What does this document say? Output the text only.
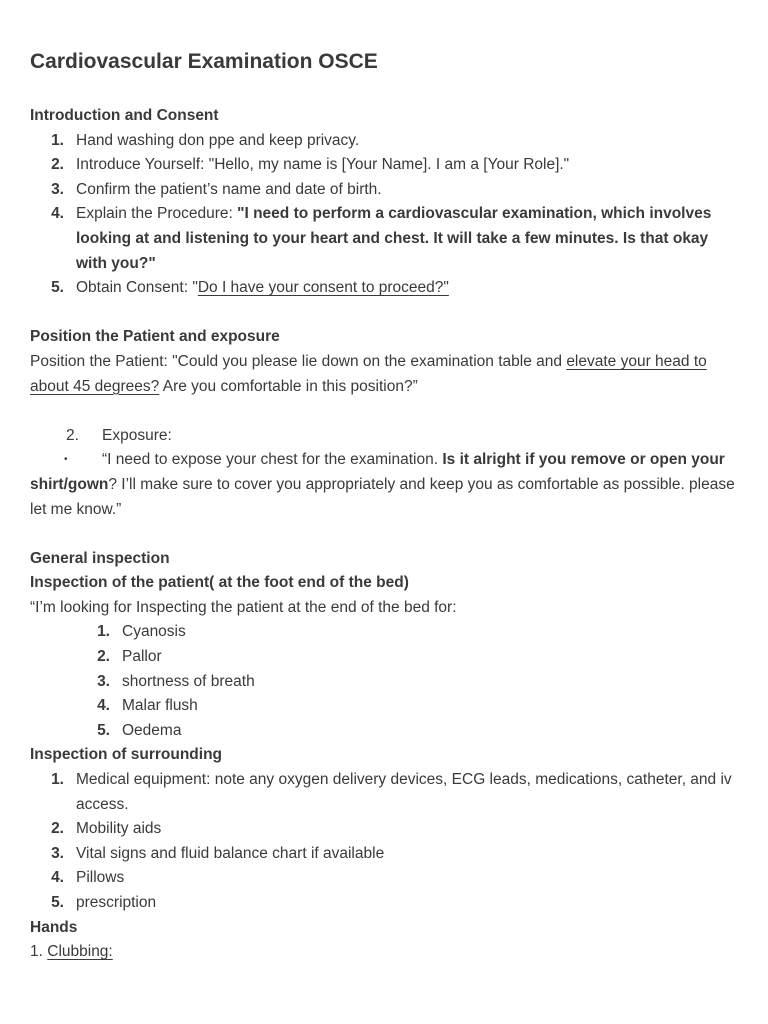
Cardiovascular Examination OSCE
Introduction and Consent
1. Hand washing don ppe and keep privacy.
2. Introduce Yourself: "Hello, my name is [Your Name]. I am a [Your Role]."
3. Confirm the patient’s name and date of birth.
4. Explain the Procedure: "I need to perform a cardiovascular examination, which involves looking at and listening to your heart and chest. It will take a few minutes. Is that okay with you?"
5. Obtain Consent: "Do I have your consent to proceed?"
Position the Patient and exposure
Position the Patient: "Could you please lie down on the examination table and elevate your head to about 45 degrees? Are you comfortable in this position?”
2. Exposure:
• “I need to expose your chest for the examination. Is it alright if you remove or open your shirt/gown? I’ll make sure to cover you appropriately and keep you as comfortable as possible. please let me know.”
General inspection
Inspection of the patient( at the foot end of the bed)
“I’m looking for Inspecting the patient at the end of the bed for:
1. Cyanosis
2. Pallor
3. shortness of breath
4. Malar flush
5. Oedema
Inspection of surrounding
1. Medical equipment: note any oxygen delivery devices, ECG leads, medications, catheter, and iv access.
2. Mobility aids
3. Vital signs and fluid balance chart if available
4. Pillows
5. prescription
Hands
1. Clubbing:
